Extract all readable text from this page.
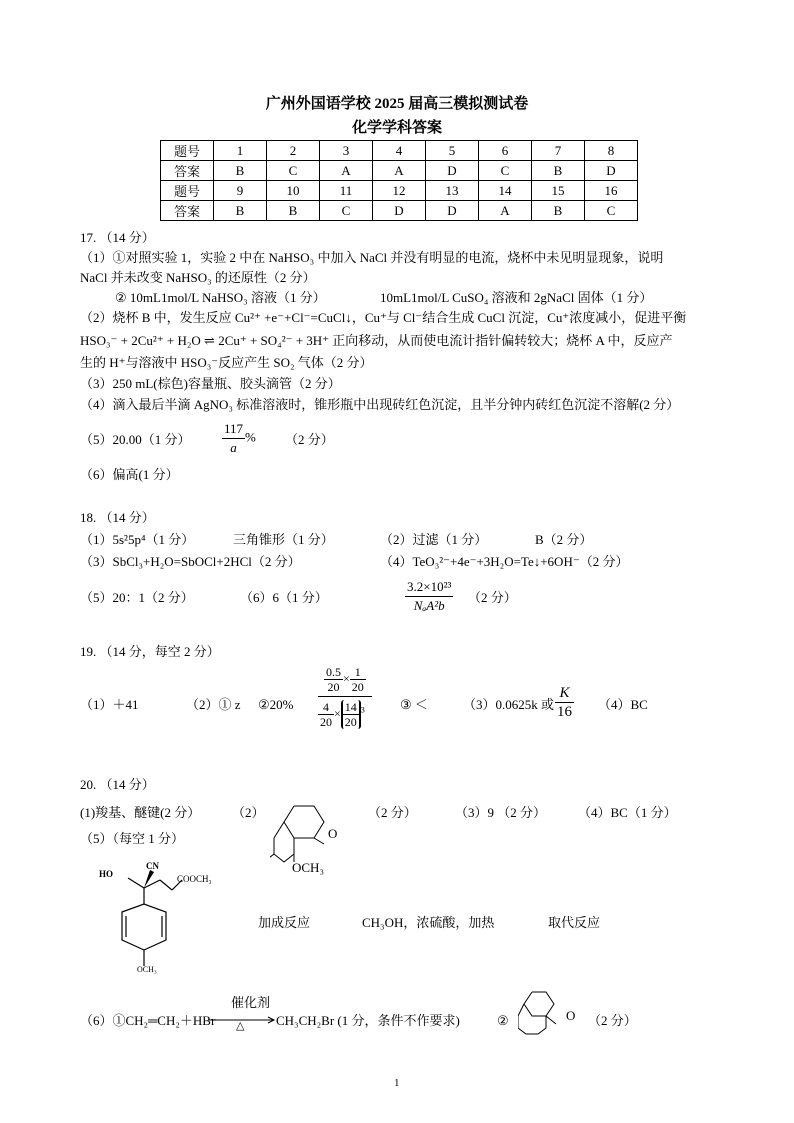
广州外国语学校 2025 届高三模拟测试卷
化学学科答案
题号	1	2	3	4	5	6	7	8
答案	B	C	A	A	D	C	B	D
题号	9	10	11	12	13	14	15	16
答案	B	B	C	D	D	A	B	C
17. （14 分）
（1）①对照实验 1，实验 2 中在 NaHSO₃ 中加入 NaCl 并没有明显的电流，烧杯中未见明显现象，说明
NaCl 并未改变 NaHSO₃ 的还原性（2 分）
② 10mL1mol/L NaHSO₃ 溶液（1 分）	10mL1mol/L CuSO₄ 溶液和 2gNaCl 固体（1 分）
（2）烧杯 B 中，发生反应 Cu²⁺ +e⁻+Cl⁻=CuCl↓，Cu⁺与 Cl⁻结合生成 CuCl 沉淀，Cu⁺浓度减小，促进平衡
HSO₃⁻ + 2Cu²⁺ + H₂O ⇌ 2Cu⁺ + SO₄²⁻ + 3H⁺ 正向移动，从而使电流计指针偏转较大；烧杯 A 中，反应产
生的 H⁺与溶液中 HSO₃⁻反应产生 SO₂ 气体（2 分）
（3）250 mL(棕色)容量瓶、胶头滴管（2 分）
（4）滴入最后半滴 AgNO₃ 标准溶液时，锥形瓶中出现砖红色沉淀，且半分钟内砖红色沉淀不溶解(2 分）
（5）20.00（1 分） $\frac{117}{a}$ % （2 分）
（6）偏高(1 分）
18. （14 分）
（1）5s²5p⁴（1 分）	三角锥形（1 分）	（2）过滤（1 分）	B（2 分）
（3）SbCl₃+H₂O=SbOCl+2HCl（2 分）	（4）TeO₃²⁻+4e⁻+3H₂O=Te↓+6OH⁻（2 分）
（5）20：1（2 分）	（6）6（1 分）	$\frac{\text{3.2×10²³}}{\text{NₐA²b}} (2$ 分）
19. （14 分，每空 2 分）
（1）＋41	（2）① z ②20%
$\frac{0.5}{20} \times \frac{1}{20}$
$\frac{4}{20} \times \frac{14}{20} ^3$	③ ＜	（3）0.0625k 或 $\frac{K}{16} (4)BC$
20. （14 分）
(1)羧基、醚键(2 分） （2）
O
OCH₃
（2 分）	（3）9 （2 分） （4）BC（1 分）
（5）（每空 1 分）
HO
CN
COOCH₃
OCH₃
加成反应	CH₃OH，浓硫酸，加热	取代反应
（6）①CH₂═CH₂＋HBr
催化剂
△ CH₃CH₂Br (1 分，条件不作要求)	②	O （2 分）
1
